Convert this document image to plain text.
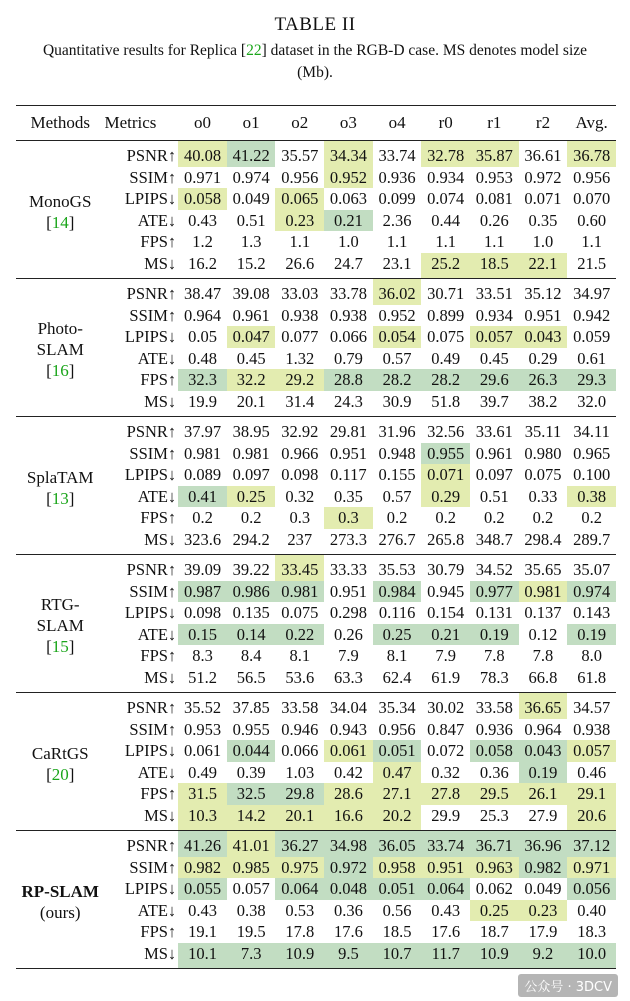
TABLE II
Quantitative results for Replica [22] dataset in the RGB-D case. MS denotes model size (Mb).
Methods	Metrics	o0	o1	o2	o3	o4	r0	r1	r2	Avg.

MonoGS
[14]	PSNR↑	40.08	41.22	35.57	34.34	33.74	32.78	35.87	36.61	36.78
	SSIM↑	0.971	0.974	0.956	0.952	0.936	0.934	0.953	0.972	0.956
	LPIPS↓	0.058	0.049	0.065	0.063	0.099	0.074	0.081	0.071	0.070
	ATE↓	0.43	0.51	0.23	0.21	2.36	0.44	0.26	0.35	0.60
	FPS↑	1.2	1.3	1.1	1.0	1.1	1.1	1.1	1.0	1.1
	MS↓	16.2	15.2	26.6	24.7	23.1	25.2	18.5	22.1	21.5

Photo-
SLAM
[16]	PSNR↑	38.47	39.08	33.03	33.78	36.02	30.71	33.51	35.12	34.97
	SSIM↑	0.964	0.961	0.938	0.938	0.952	0.899	0.934	0.951	0.942
	LPIPS↓	0.05	0.047	0.077	0.066	0.054	0.075	0.057	0.043	0.059
	ATE↓	0.48	0.45	1.32	0.79	0.57	0.49	0.45	0.29	0.61
	FPS↑	32.3	32.2	29.2	28.8	28.2	28.2	29.6	26.3	29.3
	MS↓	19.9	20.1	31.4	24.3	30.9	51.8	39.7	38.2	32.0

SplaTAM
[13]	PSNR↑	37.97	38.95	32.92	29.81	31.96	32.56	33.61	35.11	34.11
	SSIM↑	0.981	0.981	0.966	0.951	0.948	0.955	0.961	0.980	0.965
	LPIPS↓	0.089	0.097	0.098	0.117	0.155	0.071	0.097	0.075	0.100
	ATE↓	0.41	0.25	0.32	0.35	0.57	0.29	0.51	0.33	0.38
	FPS↑	0.2	0.2	0.3	0.3	0.2	0.2	0.2	0.2	0.2
	MS↓	323.6	294.2	237	273.3	276.7	265.8	348.7	298.4	289.7

RTG-
SLAM
[15]	PSNR↑	39.09	39.22	33.45	33.33	35.53	30.79	34.52	35.65	35.07
	SSIM↑	0.987	0.986	0.981	0.951	0.984	0.945	0.977	0.981	0.974
	LPIPS↓	0.098	0.135	0.075	0.298	0.116	0.154	0.131	0.137	0.143
	ATE↓	0.15	0.14	0.22	0.26	0.25	0.21	0.19	0.12	0.19
	FPS↑	8.3	8.4	8.1	7.9	8.1	7.9	7.8	7.8	8.0
	MS↓	51.2	56.5	53.6	63.3	62.4	61.9	78.3	66.8	61.8

CaRtGS
[20]	PSNR↑	35.52	37.85	33.58	34.04	35.34	30.02	33.58	36.65	34.57
	SSIM↑	0.953	0.955	0.946	0.943	0.956	0.847	0.936	0.964	0.938
	LPIPS↓	0.061	0.044	0.066	0.061	0.051	0.072	0.058	0.043	0.057
	ATE↓	0.49	0.39	1.03	0.42	0.47	0.32	0.36	0.19	0.46
	FPS↑	31.5	32.5	29.8	28.6	27.1	27.8	29.5	26.1	29.1
	MS↓	10.3	14.2	20.1	16.6	20.2	29.9	25.3	27.9	20.6

RP-SLAM
(ours)	PSNR↑	41.26	41.01	36.27	34.98	36.05	33.74	36.71	36.96	37.12
	SSIM↑	0.982	0.985	0.975	0.972	0.958	0.951	0.963	0.982	0.971
	LPIPS↓	0.055	0.057	0.064	0.048	0.051	0.064	0.062	0.049	0.056
	ATE↓	0.43	0.38	0.53	0.36	0.56	0.43	0.25	0.23	0.40
	FPS↑	19.1	19.5	17.8	17.6	18.5	17.6	18.7	17.9	18.3
	MS↓	10.1	7.3	10.9	9.5	10.7	11.7	10.9	9.2	10.0
公众号 · 3DCV
